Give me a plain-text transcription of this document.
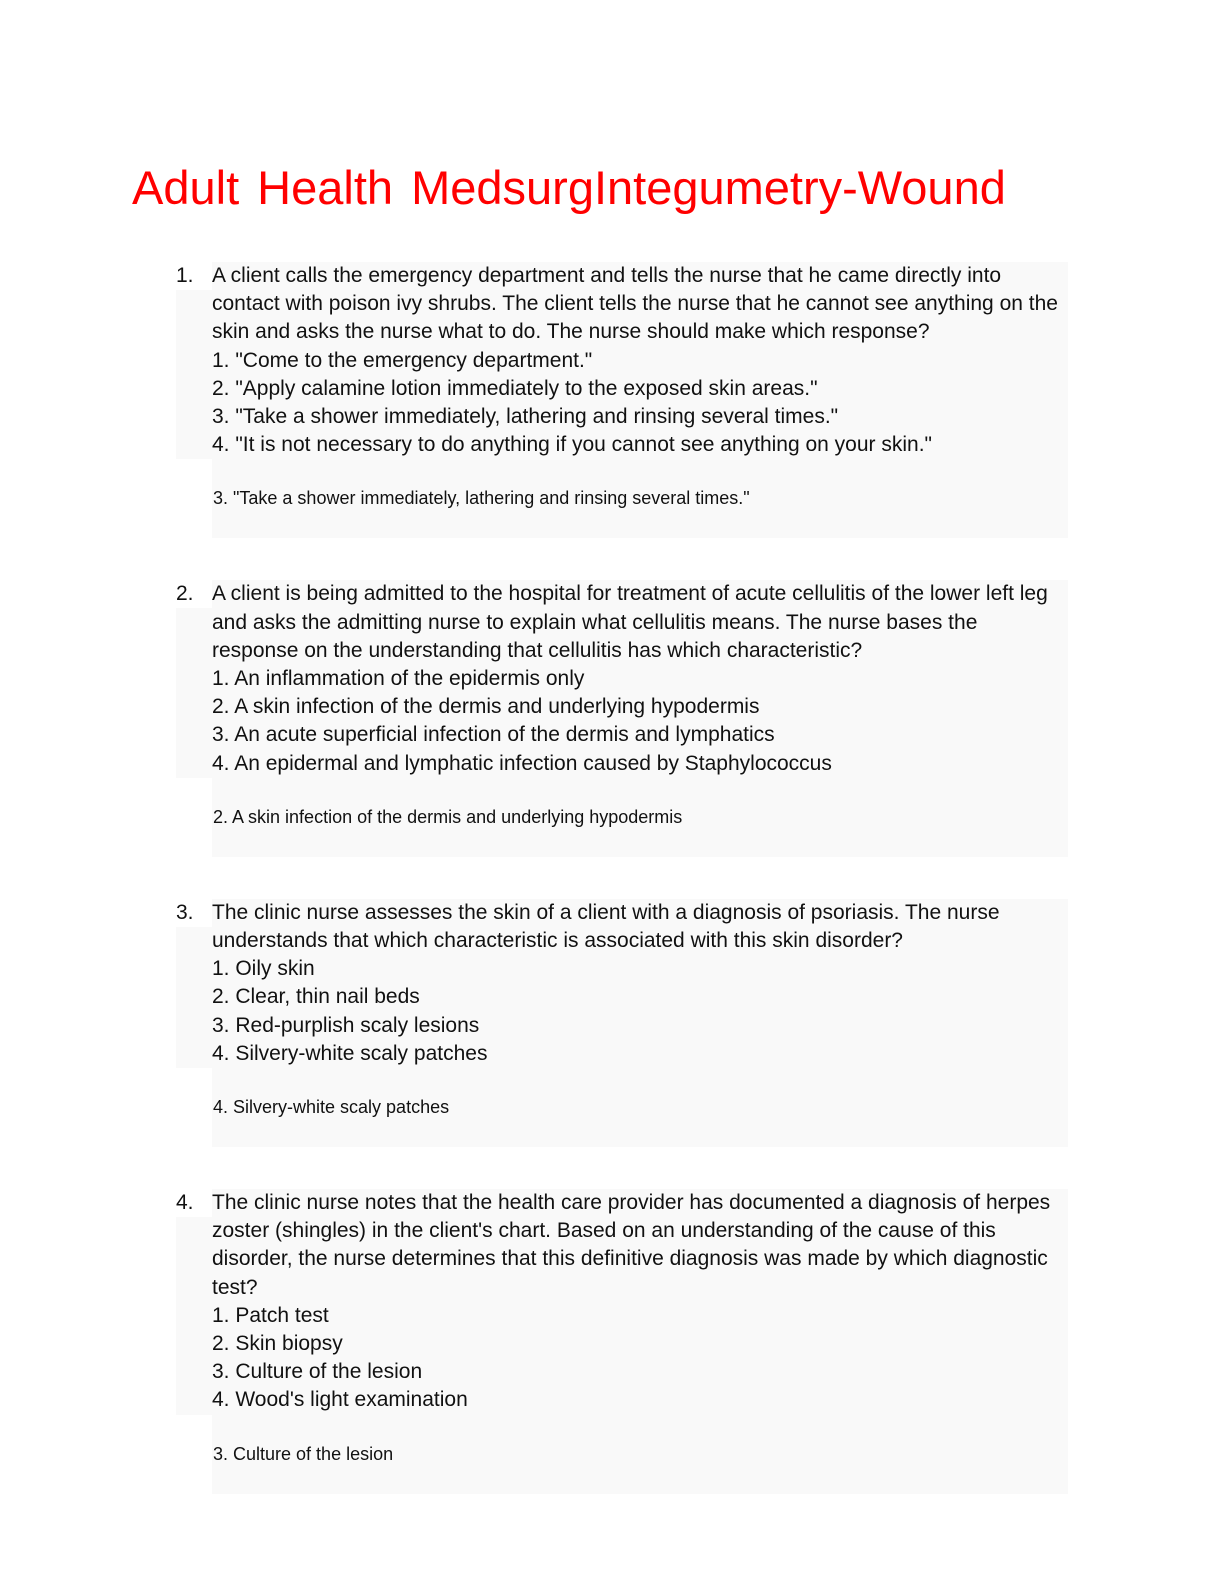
Adult Health MedsurgIntegumetry-Wound
1. A client calls the emergency department and tells the nurse that he came directly into contact with poison ivy shrubs. The client tells the nurse that he cannot see anything on the skin and asks the nurse what to do. The nurse should make which response?

1. "Come to the emergency department."
2. "Apply calamine lotion immediately to the exposed skin areas."
3. "Take a shower immediately, lathering and rinsing several times."
4. "It is not necessary to do anything if you cannot see anything on your skin."
3. "Take a shower immediately, lathering and rinsing several times."
2. A client is being admitted to the hospital for treatment of acute cellulitis of the lower left leg and asks the admitting nurse to explain what cellulitis means. The nurse bases the response on the understanding that cellulitis has which characteristic?

1. An inflammation of the epidermis only
2. A skin infection of the dermis and underlying hypodermis
3. An acute superficial infection of the dermis and lymphatics
4. An epidermal and lymphatic infection caused by Staphylococcus
2. A skin infection of the dermis and underlying hypodermis
3. The clinic nurse assesses the skin of a client with a diagnosis of psoriasis. The nurse understands that which characteristic is associated with this skin disorder?

1. Oily skin
2. Clear, thin nail beds
3. Red-purplish scaly lesions
4. Silvery-white scaly patches
4. Silvery-white scaly patches
4. The clinic nurse notes that the health care provider has documented a diagnosis of herpes zoster (shingles) in the client's chart. Based on an understanding of the cause of this disorder, the nurse determines that this definitive diagnosis was made by which diagnostic test?

1. Patch test
2. Skin biopsy
3. Culture of the lesion
4. Wood's light examination
3. Culture of the lesion
